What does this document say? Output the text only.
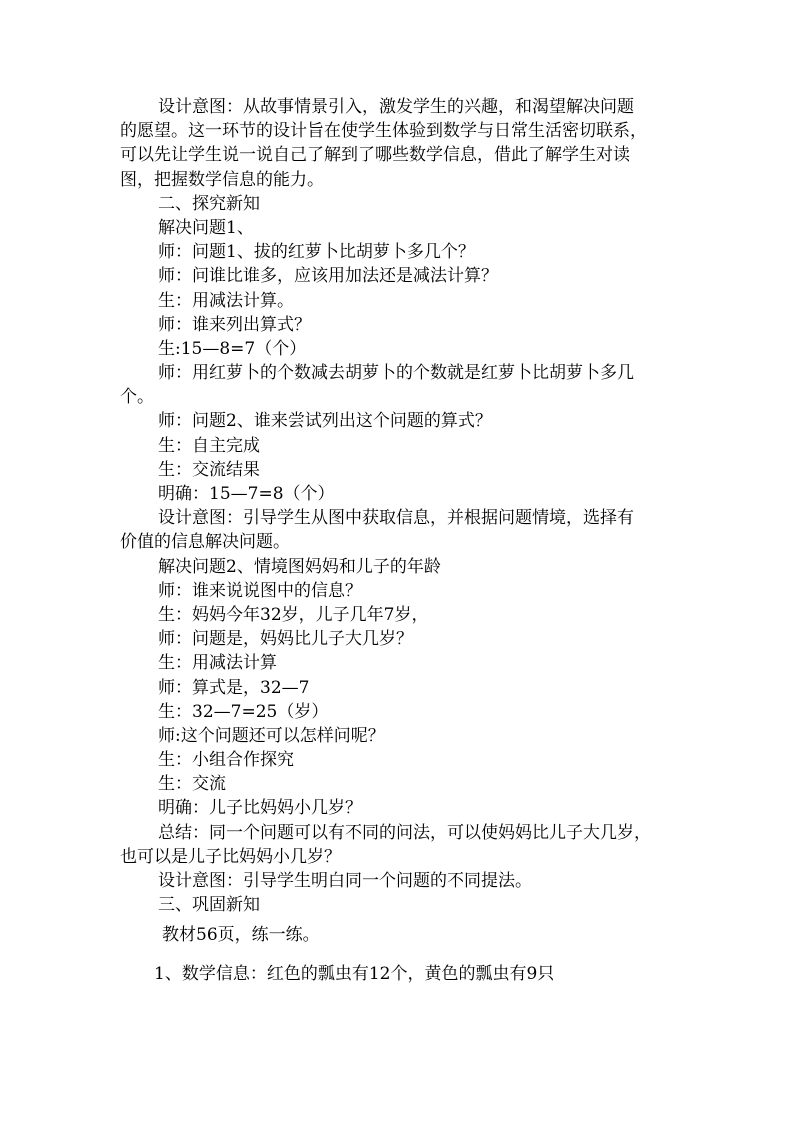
设计意图：从故事情景引入，激发学生的兴趣，和渴望解决问题
的愿望。这一环节的设计旨在使学生体验到数学与日常生活密切联系，
可以先让学生说一说自己了解到了哪些数学信息，借此了解学生对读
图，把握数学信息的能力。
二、探究新知
解决问题1、
师：问题1、拔的红萝卜比胡萝卜多几个？
师：问谁比谁多，应该用加法还是减法计算？
生：用减法计算。
师：谁来列出算式？
生:15—8=7（个）
师：用红萝卜的个数减去胡萝卜的个数就是红萝卜比胡萝卜多几
个。
师：问题2、谁来尝试列出这个问题的算式？
生：自主完成
生：交流结果
明确：15—7=8（个）
设计意图：引导学生从图中获取信息，并根据问题情境，选择有
价值的信息解决问题。
解决问题2、情境图妈妈和儿子的年龄
师：谁来说说图中的信息？
生：妈妈今年32岁，儿子几年7岁，
师：问题是，妈妈比儿子大几岁？
生：用减法计算
师：算式是，32—7
生：32—7=25（岁）
师:这个问题还可以怎样问呢？
生：小组合作探究
生：交流
明确：儿子比妈妈小几岁？
总结：同一个问题可以有不同的问法，可以使妈妈比儿子大几岁，
也可以是儿子比妈妈小几岁？
设计意图：引导学生明白同一个问题的不同提法。
三、巩固新知
教材56页，练一练。
1、数学信息：红色的瓢虫有12个，黄色的瓢虫有9只
